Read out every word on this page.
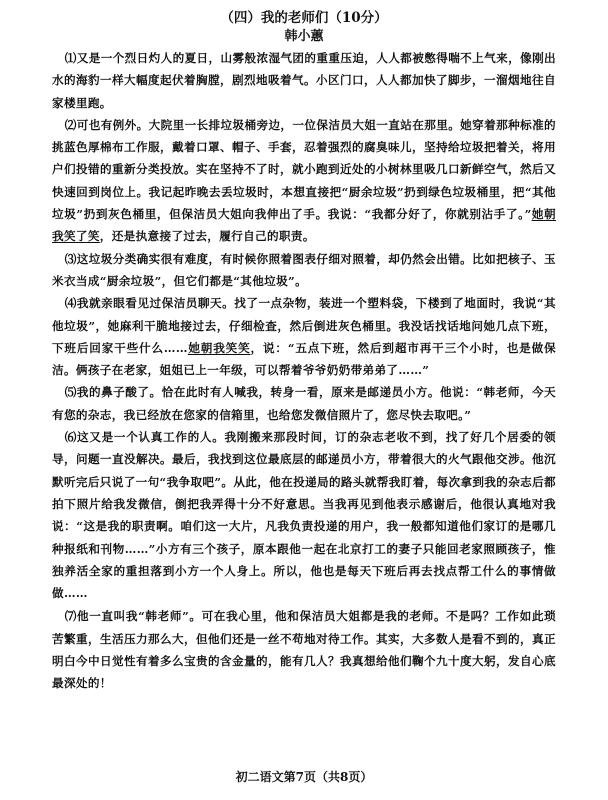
（四）我的老师们（10分）

韩小蕙

⑴又是一个烈日灼人的夏日，山雾般浓湿气团的重重压迫，人人都被憋得喘不上气来，像刚出水的海豹一样大幅度起伏着胸膛，剧烈地吸着气。小区门口，人人都加快了脚步，一溜烟地往自家楼里跑。

⑵可也有例外。大院里一长排垃圾桶旁边，一位保洁员大姐一直站在那里。她穿着那种标准的挑蓝色厚棉布工作服，戴着口罩、帽子、手套，忍着强烈的腐臭味儿，坚持给垃圾把着关，将用户们投错的重新分类投放。实在坚持不了时，就小跑到近处的小树林里吸几口新鲜空气，然后又快速回到岗位上。我记起昨晚去丢垃圾时，本想直接把“厨余垃圾”扔到绿色垃圾桶里，把“其他垃圾”扔到灰色桶里，但保洁员大姐向我伸出了手。我说：“我都分好了，你就别沾手了。”她朝我笑了笑，还是执意接了过去，履行自己的职责。

⑶这垃圾分类确实很有难度，有时候你照着图表仔细对照着，却仍然会出错。比如把核子、玉米衣当成“厨余垃圾”，但它们都是“其他垃圾”。

⑷我就亲眼看见过保洁员聊天。找了一点杂物，装进一个塑料袋，下楼到了地面时，我说“其他垃圾”，她麻利干脆地接过去，仔细检查，然后倒进灰色桶里。我没话找话地问她几点下班，下班后回家干些什么……她朝我笑笑，说：“五点下班，然后到超市再干三个小时，也是做保洁。俩孩子在老家，姐姐已上一年级，可以帮着爷爷奶奶带弟弟了……”

⑸我的鼻子酸了。恰在此时有人喊我，转身一看，原来是邮递员小方。他说：“韩老师，今天有您的杂志，我已经放在您家的信箱里，也给您发微信照片了，您尽快去取吧。”

⑹这又是一个认真工作的人。我刚搬来那段时间，订的杂志老收不到，找了好几个居委的领导，问题一直没解决。最后，我找到这位最底层的邮递员小方，带着很大的火气跟他交涉。他沉默听完后只说了一句“我争取吧”。从此，他在投递局的路头就帮我盯着，每次拿到我的杂志后都拍下照片给我发微信，倒把我弄得十分不好意思。当我再见到他表示感谢后，他很认真地对我说：“这是我的职责啊。咱们这一大片，凡我负责投递的用户，我一般都知道他们家订的是哪几种报纸和刊物……”小方有三个孩子，原本跟他一起在北京打工的妻子只能回老家照顾孩子，惟独养活全家的重担落到小方一个人身上。所以，他也是每天下班后再去找点帮工什么的事情做做……

⑺他一直叫我“韩老师”。可在我心里，他和保洁员大姐都是我的老师。不是吗？工作如此琐苦繁重，生活压力那么大，但他们还是一丝不苟地对待工作。其实，大多数人是看不到的，真正明白今中日觉性有着多么宝贵的含金量的，能有几人？我真想给他们鞠个九十度大躬，发自心底最深处的！

初二语文第7页（共8页）
